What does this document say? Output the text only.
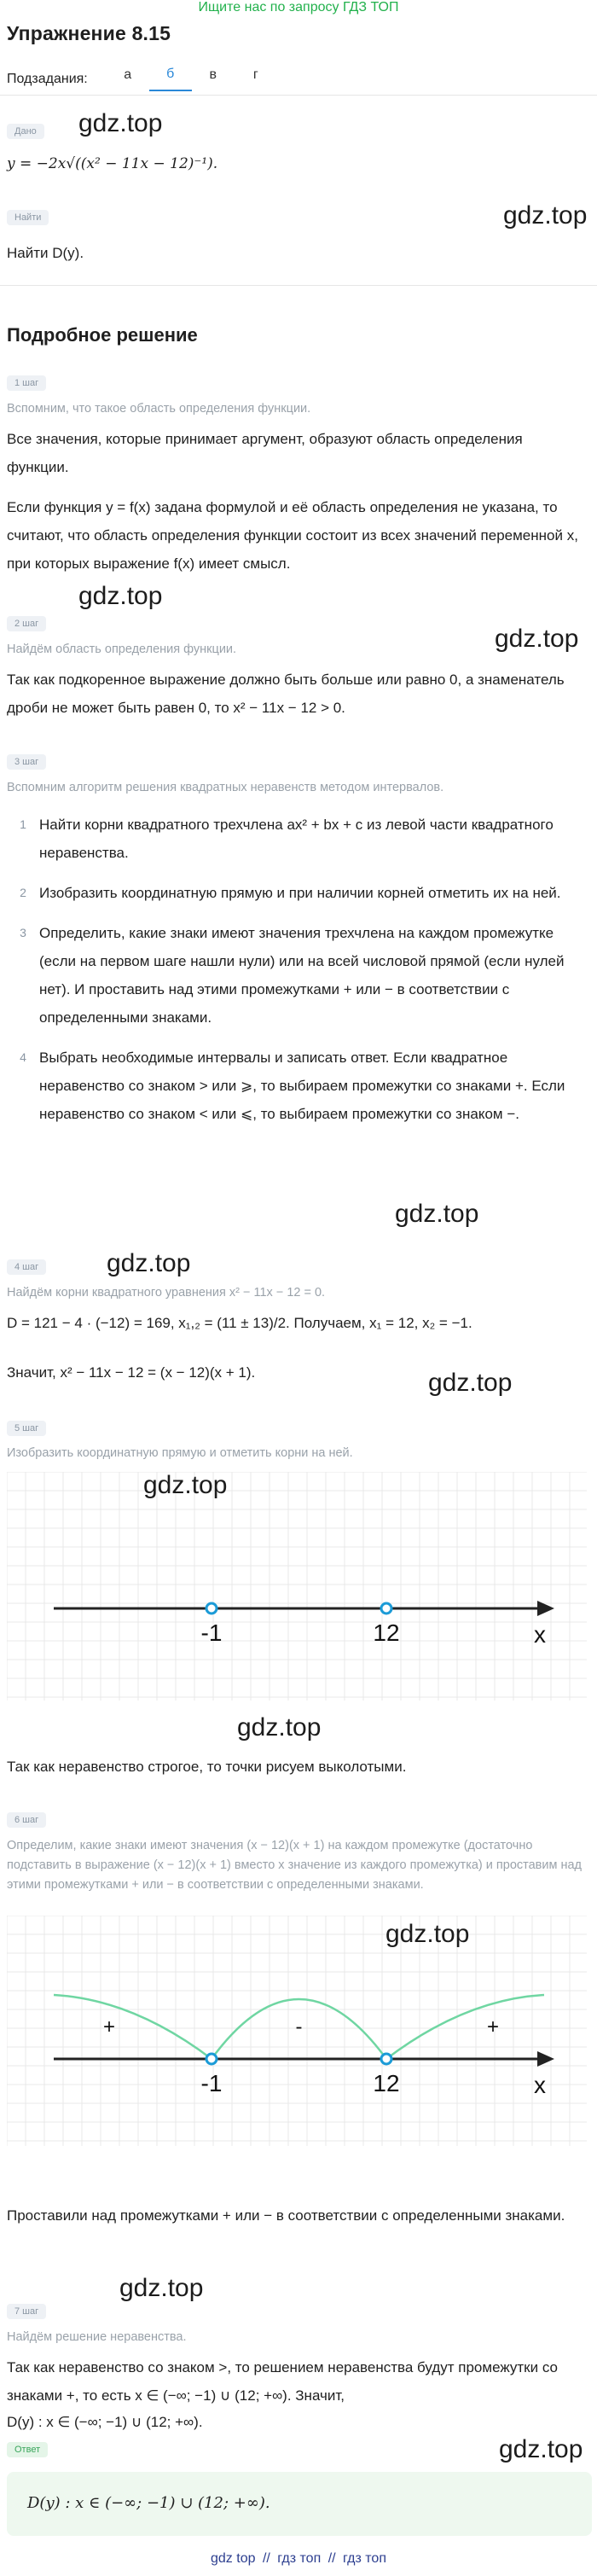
Ищите нас по запросу ГДЗ ТОП
Упражнение 8.15
Подзадания:	а	б	в	г
Дано	gdz.top
y = −2x√((x² − 11x − 12)⁻¹).
Найти	gdz.top
Найти D(y).
Подробное решение
1 шаг
Вспомним, что такое область определения функции.
Все значения, которые принимает аргумент, образуют область определения функции.
Если функция y = f(x) задана формулой и её область определения не указана, то считают, что область определения функции состоит из всех значений переменной x, при которых выражение f(x) имеет смысл.
gdz.top
gdz.top
2 шаг
Найдём область определения функции.
Так как подкоренное выражение должно быть больше или равно 0, а знаменатель дроби не может быть равен 0, то x² − 11x − 12 > 0.
3 шаг
Вспомним алгоритм решения квадратных неравенств методом интервалов.
1 Найти корни квадратного трехчлена ax² + bx + c из левой части квадратного неравенства.
2 Изобразить координатную прямую и при наличии корней отметить их на ней.
3 Определить, какие знаки имеют значения трехчлена на каждом промежутке (если на первом шаге нашли нули) или на всей числовой прямой (если нулей нет). И проставить над этими промежутками + или − в соответствии с определенными знаками.
4 Выбрать необходимые интервалы и записать ответ. Если квадратное неравенство со знаком > или ⩾, то выбираем промежутки со знаками +. Если неравенство со знаком < или ⩽, то выбираем промежутки со знаком −.
gdz.top
4 шаг	gdz.top
Найдём корни квадратного уравнения x² − 11x − 12 = 0.
D = 121 − 4 · (−12) = 169, x₁,₂ = (11 ± 13)/2. Получаем, x₁ = 12, x₂ = −1.
Значит, x² − 11x − 12 = (x − 12)(x + 1).	gdz.top
5 шаг
Изобразить координатную прямую и отметить корни на ней.
-1	12	x
gdz.top
gdz.top
Так как неравенство строгое, то точки рисуем выколотыми.
6 шаг
Определим, какие знаки имеют значения (x − 12)(x + 1) на каждом промежутке (достаточно подставить в выражение (x − 12)(x + 1) вместо x значение из каждого промежутка) и проставим над этими промежутками + или − в соответствии с определенными знаками.
+	-	+
-1	12	x
gdz.top
Проставили над промежутками + или − в соответствии с определенными знаками.
gdz.top
7 шаг
Найдём решение неравенства.
Так как неравенство со знаком >, то решением неравенства будут промежутки со знаками +, то есть x ∈ (−∞; −1) ∪ (12; +∞). Значит,
D(y) : x ∈ (−∞; −1) ∪ (12; +∞).
Ответ	gdz.top
D(y) : x ∈ (−∞; −1) ∪ (12; +∞).
gdz top // гдз топ // гдз топ
